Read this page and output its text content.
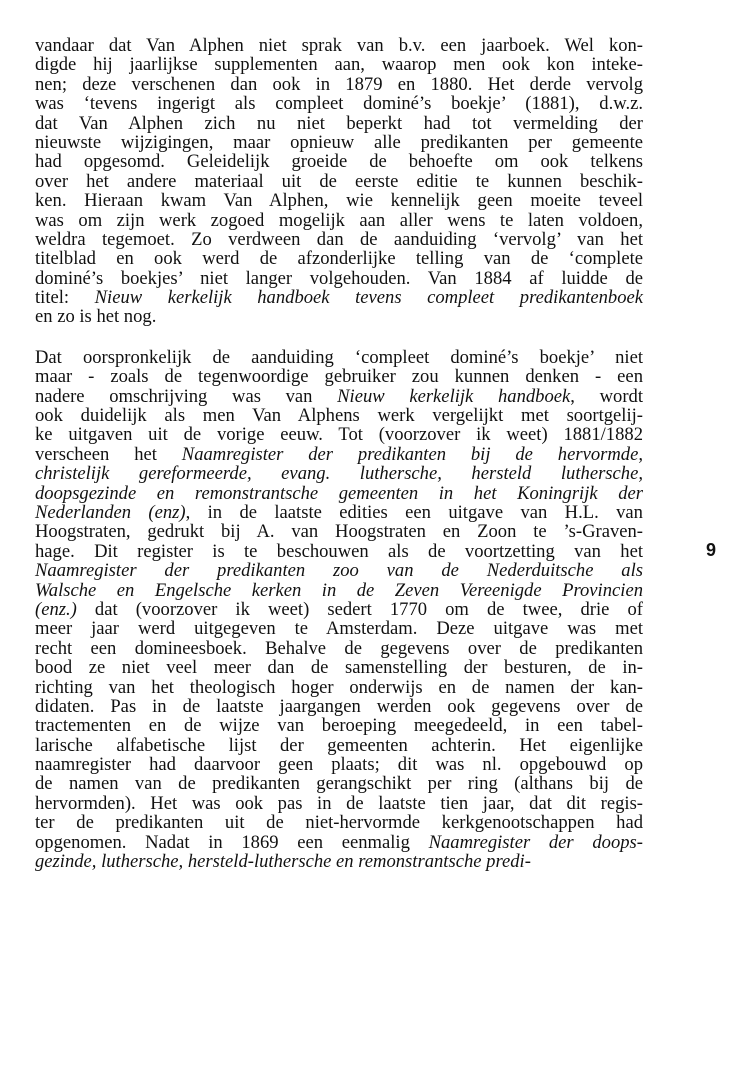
vandaar dat Van Alphen niet sprak van b.v. een jaarboek. Wel kon-
digde hij jaarlijkse supplementen aan, waarop men ook kon inteke-
nen; deze verschenen dan ook in 1879 en 1880. Het derde vervolg
was ‘tevens ingerigt als compleet dominé’s boekje’ (1881), d.w.z.
dat Van Alphen zich nu niet beperkt had tot vermelding der
nieuwste wijzigingen, maar opnieuw alle predikanten per gemeente
had opgesomd. Geleidelijk groeide de behoefte om ook telkens
over het andere materiaal uit de eerste editie te kunnen beschik-
ken. Hieraan kwam Van Alphen, wie kennelijk geen moeite teveel
was om zijn werk zogoed mogelijk aan aller wens te laten voldoen,
weldra tegemoet. Zo verdween dan de aanduiding ‘vervolg’ van het
titelblad en ook werd de afzonderlijke telling van de ‘complete
dominé’s boekjes’ niet langer volgehouden. Van 1884 af luidde de
titel: Nieuw kerkelijk handboek tevens compleet predikantenboek
en zo is het nog.
Dat oorspronkelijk de aanduiding ‘compleet dominé’s boekje’ niet
maar - zoals de tegenwoordige gebruiker zou kunnen denken - een
nadere omschrijving was van Nieuw kerkelijk handboek, wordt
ook duidelijk als men Van Alphens werk vergelijkt met soortgelij-
ke uitgaven uit de vorige eeuw. Tot (voorzover ik weet) 1881/1882
verscheen het Naamregister der predikanten bij de hervormde,
christelijk gereformeerde, evang. luthersche, hersteld luthersche,
doopsgezinde en remonstrantsche gemeenten in het Koningrijk der
Nederlanden (enz), in de laatste edities een uitgave van H.L. van
Hoogstraten, gedrukt bij A. van Hoogstraten en Zoon te ’s-Graven-
hage. Dit register is te beschouwen als de voortzetting van het
Naamregister der predikanten zoo van de Nederduitsche als
Walsche en Engelsche kerken in de Zeven Vereenigde Provincien
(enz.) dat (voorzover ik weet) sedert 1770 om de twee, drie of
meer jaar werd uitgegeven te Amsterdam. Deze uitgave was met
recht een domineesboek. Behalve de gegevens over de predikanten
bood ze niet veel meer dan de samenstelling der besturen, de in-
richting van het theologisch hoger onderwijs en de namen der kan-
didaten. Pas in de laatste jaargangen werden ook gegevens over de
tractementen en de wijze van beroeping meegedeeld, in een tabel-
larische alfabetische lijst der gemeenten achterin. Het eigenlijke
naamregister had daarvoor geen plaats; dit was nl. opgebouwd op
de namen van de predikanten gerangschikt per ring (althans bij de
hervormden). Het was ook pas in de laatste tien jaar, dat dit regis-
ter de predikanten uit de niet-hervormde kerkgenootschappen had
opgenomen. Nadat in 1869 een eenmalig Naamregister der doops-
gezinde, luthersche, hersteld-luthersche en remonstrantsche predi-
9
